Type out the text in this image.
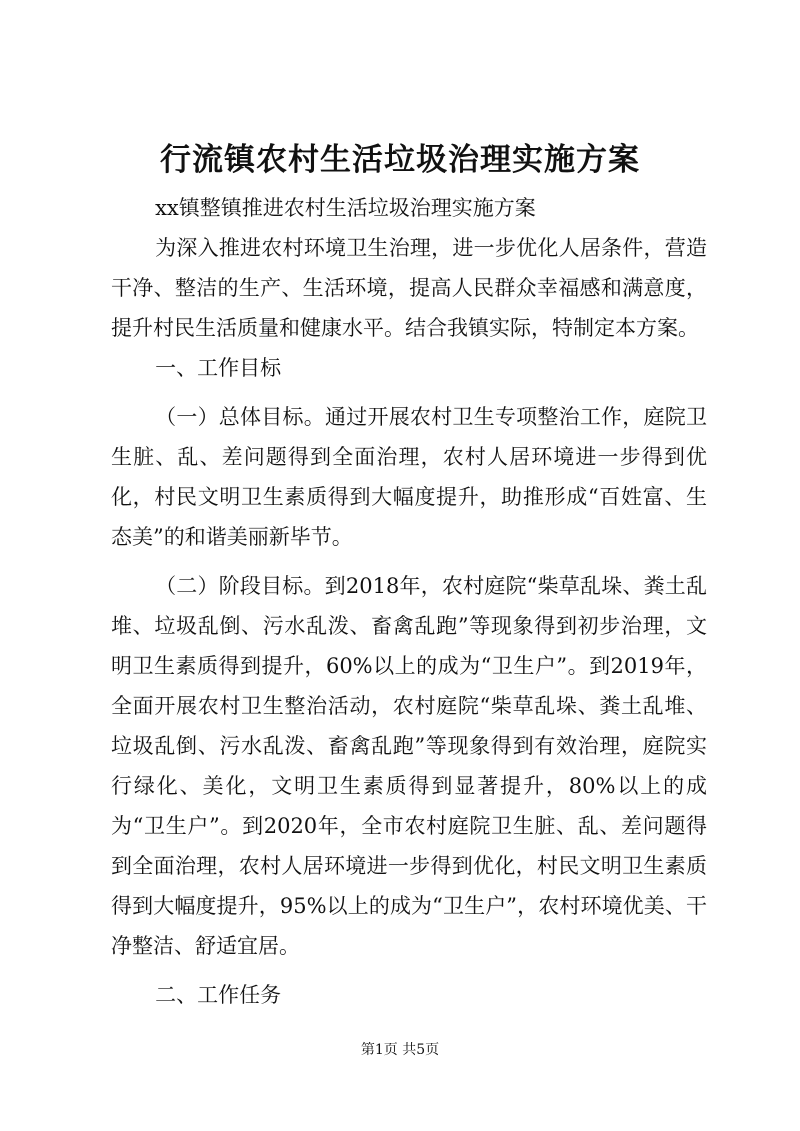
行流镇农村生活垃圾治理实施方案

xx镇整镇推进农村生活垃圾治理实施方案

为深入推进农村环境卫生治理，进一步优化人居条件，营造干净、整洁的生产、生活环境，提高人民群众幸福感和满意度，提升村民生活质量和健康水平。结合我镇实际，特制定本方案。

一、工作目标

（一）总体目标。通过开展农村卫生专项整治工作，庭院卫生脏、乱、差问题得到全面治理，农村人居环境进一步得到优化，村民文明卫生素质得到大幅度提升，助推形成“百姓富、生态美”的和谐美丽新毕节。

（二）阶段目标。到2018年，农村庭院“柴草乱垛、粪土乱堆、垃圾乱倒、污水乱泼、畜禽乱跑”等现象得到初步治理，文明卫生素质得到提升，60%以上的成为“卫生户”。到2019年，全面开展农村卫生整治活动，农村庭院“柴草乱垛、粪土乱堆、垃圾乱倒、污水乱泼、畜禽乱跑”等现象得到有效治理，庭院实行绿化、美化，文明卫生素质得到显著提升，80%以上的成为“卫生户”。到2020年，全市农村庭院卫生脏、乱、差问题得到全面治理，农村人居环境进一步得到优化，村民文明卫生素质得到大幅度提升，95%以上的成为“卫生户”，农村环境优美、干净整洁、舒适宜居。

二、工作任务

第1页 共5页
